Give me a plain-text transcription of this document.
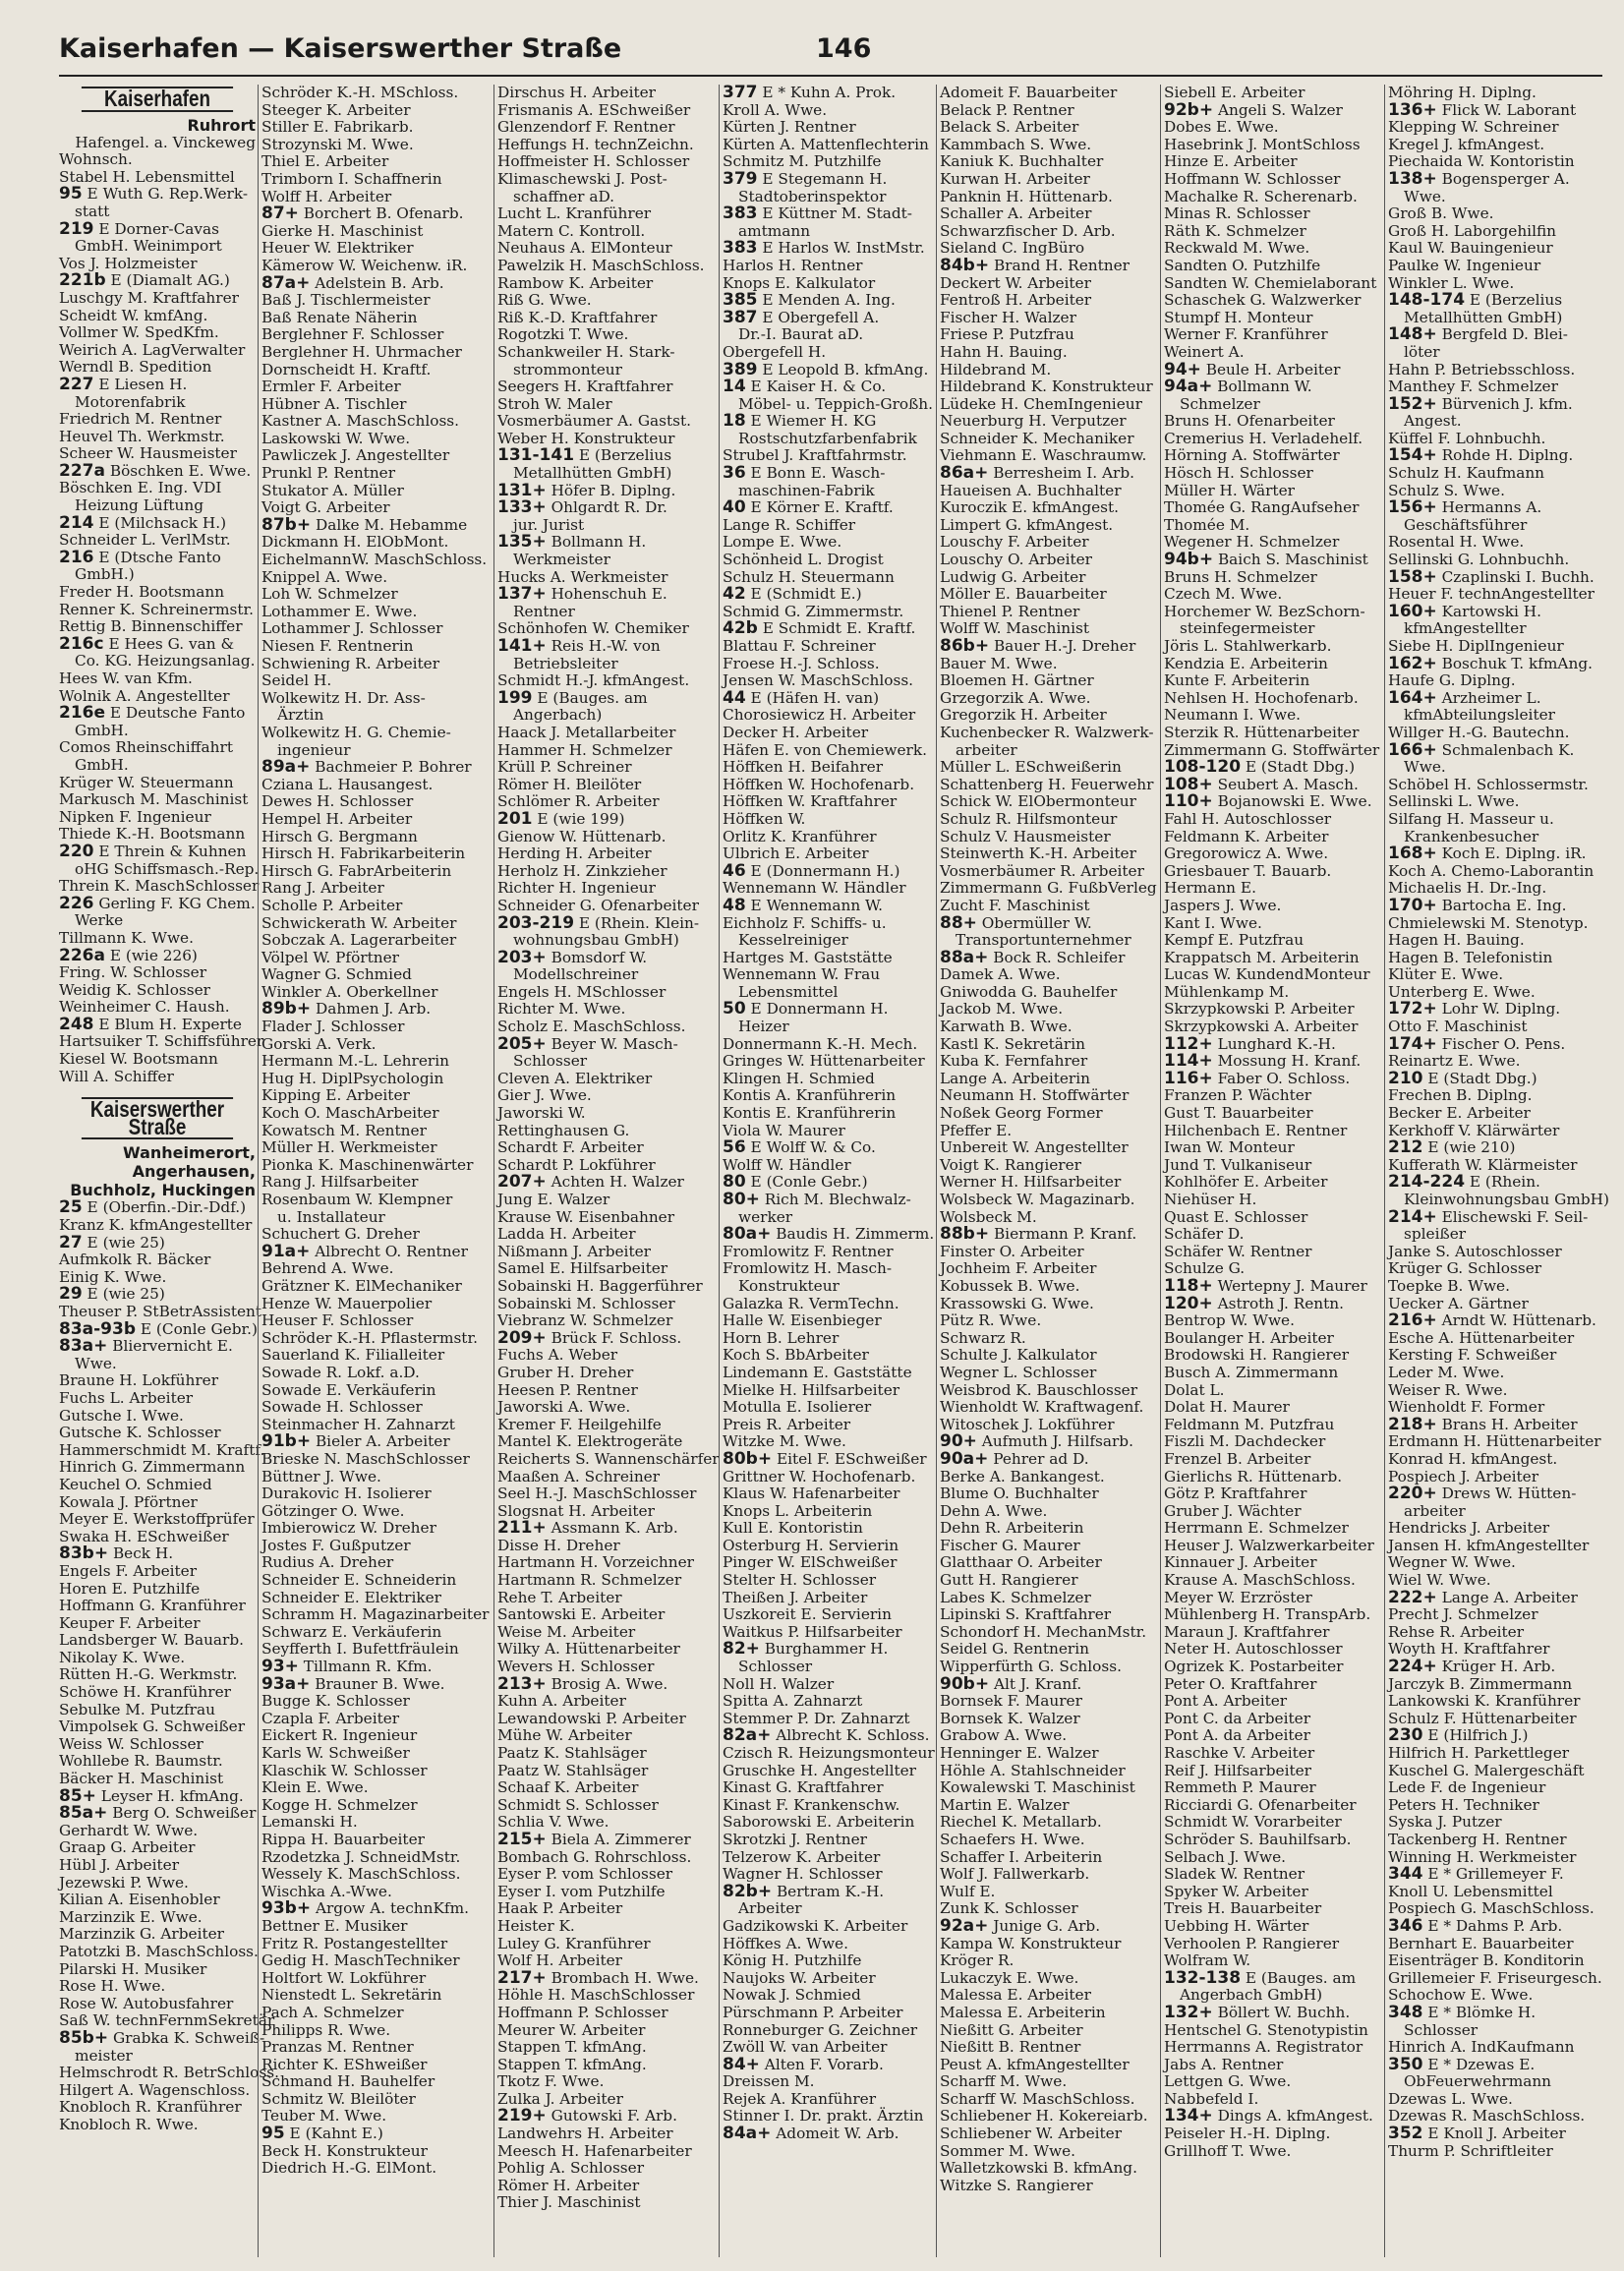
Kaiserhafen — Kaiserswerther Straße	146
Kaiserhafen
Ruhrort
Hafengel. a. Vinckeweg
Wohnsch.
Stabel H. Lebensmittel
95 E Wuth G. Rep.Werk-
statt
219 E Dorner-Cavas
GmbH. Weinimport
Vos J. Holzmeister
221b E (Diamalt AG.)
Luschgy M. Kraftfahrer
Scheidt W. kmfAng.
Vollmer W. SpedKfm.
Weirich A. LagVerwalter
Werndl B. Spedition
227 E Liesen H.
Motorenfabrik
Friedrich M. Rentner
Heuvel Th. Werkmstr.
Scheer W. Hausmeister
227a Böschken E. Wwe.
Böschken E. Ing. VDI
Heizung Lüftung
214 E (Milchsack H.)
Schneider L. VerlMstr.
216 E (Dtsche Fanto
GmbH.)
Freder H. Bootsmann
Renner K. Schreinermstr.
Rettig B. Binnenschiffer
216c E Hees G. van &
Co. KG. Heizungsanlag.
Hees W. van Kfm.
Wolnik A. Angestellter
216e E Deutsche Fanto
GmbH.
Comos Rheinschiffahrt
GmbH.
Krüger W. Steuermann
Markusch M. Maschinist
Nipken F. Ingenieur
Thiede K.-H. Bootsmann
220 E Threin & Kuhnen
oHG Schiffsmasch.-Rep.
Threin K. MaschSchlosser
226 Gerling F. KG Chem.
Werke
Tillmann K. Wwe.
226a E (wie 226)
Fring. W. Schlosser
Weidig K. Schlosser
Weinheimer C. Haush.
248 E Blum H. Experte
Hartsuiker T. Schiffsführer
Kiesel W. Bootsmann
Will A. Schiffer
Kaiserswerther Straße
Wanheimerort,
Angerhausen,
Buchholz, Huckingen
25 E (Oberfin.-Dir.-Ddf.)
Kranz K. kfmAngestellter
27 E (wie 25)
Aufmkolk R. Bäcker
Einig K. Wwe.
29 E (wie 25)
Theuser P. StBetrAssistent
83a-93b E (Conle Gebr.)
83a+ Bliervernicht E.
Wwe.
Braune H. Lokführer
Fuchs L. Arbeiter
Gutsche I. Wwe.
Gutsche K. Schlosser
Hammerschmidt M. Kraftf.
Hinrich G. Zimmermann
Keuchel O. Schmied
Kowala J. Pförtner
Meyer E. Werkstoffprüfer
Swaka H. ESchweißer
83b+ Beck H.
Engels F. Arbeiter
Horen E. Putzhilfe
Hoffmann G. Kranführer
Keuper F. Arbeiter
Landsberger W. Bauarb.
Nikolay K. Wwe.
Rütten H.-G. Werkmstr.
Schöwe H. Kranführer
Sebulke M. Putzfrau
Vimpolsek G. Schweißer
Weiss W. Schlosser
Wohllebe R. Baumstr.
Bäcker H. Maschinist
85+ Leyser H. kfmAng.
85a+ Berg O. Schweißer
Gerhardt W. Wwe.
Graap G. Arbeiter
Hübl J. Arbeiter
Jezewski P. Wwe.
Kilian A. Eisenhobler
Marzinzik E. Wwe.
Marzinzik G. Arbeiter
Patotzki B. MaschSchloss.
Pilarski H. Musiker
Rose H. Wwe.
Rose W. Autobusfahrer
Saß W. technFernmSekretär
85b+ Grabka K. Schweiß-
meister
Helmschrodt R. BetrSchloss.
Hilgert A. Wagenschloss.
Knobloch R. Kranführer
Knobloch R. Wwe.
Schröder K.-H. MSchloss.
Steeger K. Arbeiter
Stiller E. Fabrikarb.
Strozynski M. Wwe.
Thiel E. Arbeiter
Trimborn I. Schaffnerin
Wolff H. Arbeiter
87+ Borchert B. Ofenarb.
Gierke H. Maschinist
Heuer W. Elektriker
Kämerow W. Weichenw. iR.
87a+ Adelstein B. Arb.
Baß J. Tischlermeister
Baß Renate Näherin
Berglehner F. Schlosser
Berglehner H. Uhrmacher
Dornscheidt H. Kraftf.
Ermler F. Arbeiter
Hübner A. Tischler
Kastner A. MaschSchloss.
Laskowski W. Wwe.
Pawliczek J. Angestellter
Prunkl P. Rentner
Stukator A. Müller
Voigt G. Arbeiter
87b+ Dalke M. Hebamme
Dickmann H. ElObMont.
EichelmannW. MaschSchloss.
Knippel A. Wwe.
Loh W. Schmelzer
Lothammer E. Wwe.
Lothammer J. Schlosser
Niesen F. Rentnerin
Schwiening R. Arbeiter
Seidel H.
Wolkewitz H. Dr. Ass-
Ärztin
Wolkewitz H. G. Chemie-
ingenieur
89a+ Bachmeier P. Bohrer
Cziana L. Hausangest.
Dewes H. Schlosser
Hempel H. Arbeiter
Hirsch G. Bergmann
Hirsch H. Fabrikarbeiterin
Hirsch G. FabrArbeiterin
Rang J. Arbeiter
Scholle P. Arbeiter
Schwickerath W. Arbeiter
Sobczak A. Lagerarbeiter
Völpel W. Pförtner
Wagner G. Schmied
Winkler A. Oberkellner
89b+ Dahmen J. Arb.
Flader J. Schlosser
Gorski A. Verk.
Hermann M.-L. Lehrerin
Hug H. DiplPsychologin
Kipping E. Arbeiter
Koch O. MaschArbeiter
Kowatsch M. Rentner
Müller H. Werkmeister
Pionka K. Maschinenwärter
Rang J. Hilfsarbeiter
Rosenbaum W. Klempner
u. Installateur
Schuchert G. Dreher
91a+ Albrecht O. Rentner
Behrend A. Wwe.
Grätzner K. ElMechaniker
Henze W. Mauerpolier
Heuser F. Schlosser
Schröder K.-H. Pflastermstr.
Sauerland K. Filialleiter
Sowade R. Lokf. a.D.
Sowade E. Verkäuferin
Sowade H. Schlosser
Steinmacher H. Zahnarzt
91b+ Bieler A. Arbeiter
Brieske N. MaschSchlosser
Büttner J. Wwe.
Durakovic H. Isolierer
Götzinger O. Wwe.
Imbierowicz W. Dreher
Jostes F. Gußputzer
Rudius A. Dreher
Schneider E. Schneiderin
Schneider E. Elektriker
Schramm H. Magazinarbeiter
Schwarz E. Verkäuferin
Seyfferth I. Bufettfräulein
93+ Tillmann R. Kfm.
93a+ Brauner B. Wwe.
Bugge K. Schlosser
Czapla F. Arbeiter
Eickert R. Ingenieur
Karls W. Schweißer
Klaschik W. Schlosser
Klein E. Wwe.
Kogge H. Schmelzer
Lemanski H.
Rippa H. Bauarbeiter
Rzodetzka J. SchneidMstr.
Wessely K. MaschSchloss.
Wischka A.-Wwe.
93b+ Argow A. technKfm.
Bettner E. Musiker
Fritz R. Postangestellter
Gedig H. MaschTechniker
Holtfort W. Lokführer
Nienstedt L. Sekretärin
Pach A. Schmelzer
Philipps R. Wwe.
Pranzas M. Rentner
Richter K. EShweißer
Schmand H. Bauhelfer
Schmitz W. Bleilöter
Teuber M. Wwe.
95 E (Kahnt E.)
Beck H. Konstrukteur
Diedrich H.-G. ElMont.
Dirschus H. Arbeiter
Frismanis A. ESchweißer
Glenzendorf F. Rentner
Heffungs H. technZeichn.
Hoffmeister H. Schlosser
Klimaschewski J. Post-
schaffner aD.
Lucht L. Kranführer
Matern C. Kontroll.
Neuhaus A. ElMonteur
Pawelzik H. MaschSchloss.
Rambow K. Arbeiter
Riß G. Wwe.
Riß K.-D. Kraftfahrer
Rogotzki T. Wwe.
Schankweiler H. Stark-
strommonteur
Seegers H. Kraftfahrer
Stroh W. Maler
Vosmerbäumer A. Gastst.
Weber H. Konstrukteur
131-141 E (Berzelius
Metallhütten GmbH)
131+ Höfer B. Diplng.
133+ Ohlgardt R. Dr.
jur. Jurist
135+ Bollmann H.
Werkmeister
Hucks A. Werkmeister
137+ Hohenschuh E.
Rentner
Schönhofen W. Chemiker
141+ Reis H.-W. von
Betriebsleiter
Schmidt H.-J. kfmAngest.
199 E (Bauges. am
Angerbach)
Haack J. Metallarbeiter
Hammer H. Schmelzer
Krüll P. Schreiner
Römer H. Bleilöter
Schlömer R. Arbeiter
201 E (wie 199)
Gienow W. Hüttenarb.
Herding H. Arbeiter
Herholz H. Zinkzieher
Richter H. Ingenieur
Schneider G. Ofenarbeiter
203-219 E (Rhein. Klein-
wohnungsbau GmbH)
203+ Bomsdorf W.
Modellschreiner
Engels H. MSchlosser
Richter M. Wwe.
Scholz E. MaschSchloss.
205+ Beyer W. Masch-
Schlosser
Cleven A. Elektriker
Gier J. Wwe.
Jaworski W.
Rettinghausen G.
Schardt F. Arbeiter
Schardt P. Lokführer
207+ Achten H. Walzer
Jung E. Walzer
Krause W. Eisenbahner
Ladda H. Arbeiter
Nißmann J. Arbeiter
Samel E. Hilfsarbeiter
Sobainski H. Baggerführer
Sobainski M. Schlosser
Viebranz W. Schmelzer
209+ Brück F. Schloss.
Fuchs A. Weber
Gruber H. Dreher
Heesen P. Rentner
Jaworski A. Wwe.
Kremer F. Heilgehilfe
Mantel K. Elektrogeräte
Reicherts S. Wannenschärfer
Maaßen A. Schreiner
Seel H.-J. MaschSchlosser
Slogsnat H. Arbeiter
211+ Assmann K. Arb.
Disse H. Dreher
Hartmann H. Vorzeichner
Hartmann R. Schmelzer
Rehe T. Arbeiter
Santowski E. Arbeiter
Weise M. Arbeiter
Wilky A. Hüttenarbeiter
Wevers H. Schlosser
213+ Brosig A. Wwe.
Kuhn A. Arbeiter
Lewandowski P. Arbeiter
Mühe W. Arbeiter
Paatz K. Stahlsäger
Paatz W. Stahlsäger
Schaaf K. Arbeiter
Schmidt S. Schlosser
Schlia V. Wwe.
215+ Biela A. Zimmerer
Bombach G. Rohrschloss.
Eyser P. vom Schlosser
Eyser I. vom Putzhilfe
Haak P. Arbeiter
Heister K.
Luley G. Kranführer
Wolf H. Arbeiter
217+ Brombach H. Wwe.
Höhle H. MaschSchlosser
Hoffmann P. Schlosser
Meurer W. Arbeiter
Stappen T. kfmAng.
Stappen T. kfmAng.
Tkotz F. Wwe.
Zulka J. Arbeiter
219+ Gutowski F. Arb.
Landwehrs H. Arbeiter
Meesch H. Hafenarbeiter
Pohlig A. Schlosser
Römer H. Arbeiter
Thier J. Maschinist
377 E * Kuhn A. Prok.
Kroll A. Wwe.
Kürten J. Rentner
Kürten A. Mattenflechterin
Schmitz M. Putzhilfe
379 E Stegemann H.
Stadtoberinspektor
383 E Küttner M. Stadt-
amtmann
383 E Harlos W. InstMstr.
Harlos H. Rentner
Knops E. Kalkulator
385 E Menden A. Ing.
387 E Obergefell A.
Dr.-I. Baurat aD.
Obergefell H.
389 E Leopold B. kfmAng.
14 E Kaiser H. & Co.
Möbel- u. Teppich-Großh.
18 E Wiemer H. KG
Rostschutzfarbenfabrik
Strubel J. Kraftfahrmstr.
36 E Bonn E. Wasch-
maschinen-Fabrik
40 E Körner E. Kraftf.
Lange R. Schiffer
Lompe E. Wwe.
Schönheid L. Drogist
Schulz H. Steuermann
42 E (Schmidt E.)
Schmid G. Zimmermstr.
42b E Schmidt E. Kraftf.
Blattau F. Schreiner
Froese H.-J. Schloss.
Jensen W. MaschSchloss.
44 E (Häfen H. van)
Chorosiewicz H. Arbeiter
Decker H. Arbeiter
Häfen E. von Chemiewerk.
Höffken H. Beifahrer
Höffken W. Hochofenarb.
Höffken W. Kraftfahrer
Höffken W.
Orlitz K. Kranführer
Ulbrich E. Arbeiter
46 E (Donnermann H.)
Wennemann W. Händler
48 E Wennemann W.
Eichholz F. Schiffs- u.
Kesselreiniger
Hartges M. Gaststätte
Wennemann W. Frau
Lebensmittel
50 E Donnermann H.
Heizer
Donnermann K.-H. Mech.
Gringes W. Hüttenarbeiter
Klingen H. Schmied
Kontis A. Kranführerin
Kontis E. Kranführerin
Viola W. Maurer
56 E Wolff W. & Co.
Wolff W. Händler
80 E (Conle Gebr.)
80+ Rich M. Blechwalz-
werker
80a+ Baudis H. Zimmerm.
Fromlowitz F. Rentner
Fromlowitz H. Masch-
Konstrukteur
Galazka R. VermTechn.
Halle W. Eisenbieger
Horn B. Lehrer
Koch S. BbArbeiter
Lindemann E. Gaststätte
Mielke H. Hilfsarbeiter
Motulla E. Isolierer
Preis R. Arbeiter
Witzke M. Wwe.
80b+ Eitel F. ESchweißer
Grittner W. Hochofenarb.
Klaus W. Hafenarbeiter
Knops L. Arbeiterin
Kull E. Kontoristin
Osterburg H. Servierin
Pinger W. ElSchweißer
Stelter H. Schlosser
Theißen J. Arbeiter
Uszkoreit E. Servierin
Waitkus P. Hilfsarbeiter
82+ Burghammer H.
Schlosser
Noll H. Walzer
Spitta A. Zahnarzt
Stemmer P. Dr. Zahnarzt
82a+ Albrecht K. Schloss.
Czisch R. Heizungsmonteur
Gruschke H. Angestellter
Kinast G. Kraftfahrer
Kinast F. Krankenschw.
Saborowski E. Arbeiterin
Skrotzki J. Rentner
Telzerow K. Arbeiter
Wagner H. Schlosser
82b+ Bertram K.-H.
Arbeiter
Gadzikowski K. Arbeiter
Höffkes A. Wwe.
König H. Putzhilfe
Naujoks W. Arbeiter
Nowak J. Schmied
Pürschmann P. Arbeiter
Ronneburger G. Zeichner
Zwöll W. van Arbeiter
84+ Alten F. Vorarb.
Dreissen M.
Rejek A. Kranführer
Stinner I. Dr. prakt. Ärztin
84a+ Adomeit W. Arb.
Adomeit F. Bauarbeiter
Belack P. Rentner
Belack S. Arbeiter
Kammbach S. Wwe.
Kaniuk K. Buchhalter
Kurwan H. Arbeiter
Panknin H. Hüttenarb.
Schaller A. Arbeiter
Schwarzfischer D. Arb.
Sieland C. IngBüro
84b+ Brand H. Rentner
Deckert W. Arbeiter
Fentroß H. Arbeiter
Fischer H. Walzer
Friese P. Putzfrau
Hahn H. Bauing.
Hildebrand M.
Hildebrand K. Konstrukteur
Lüdeke H. ChemIngenieur
Neuerburg H. Verputzer
Schneider K. Mechaniker
Viehmann E. Waschraumw.
86a+ Berresheim I. Arb.
Haueisen A. Buchhalter
Kuroczik E. kfmAngest.
Limpert G. kfmAngest.
Louschy F. Arbeiter
Louschy O. Arbeiter
Ludwig G. Arbeiter
Möller E. Bauarbeiter
Thienel P. Rentner
Wolff W. Maschinist
86b+ Bauer H.-J. Dreher
Bauer M. Wwe.
Bloemen H. Gärtner
Grzegorzik A. Wwe.
Gregorzik H. Arbeiter
Kuchenbecker R. Walzwerk-
arbeiter
Müller L. ESchweißerin
Schattenberg H. Feuerwehr
Schick W. ElObermonteur
Schulz R. Hilfsmonteur
Schulz V. Hausmeister
Steinwerth K.-H. Arbeiter
Vosmerbäumer R. Arbeiter
Zimmermann G. FußbVerleg
Zucht F. Maschinist
88+ Obermüller W.
Transportunternehmer
88a+ Bock R. Schleifer
Damek A. Wwe.
Gniwodda G. Bauhelfer
Jackob M. Wwe.
Karwath B. Wwe.
Kastl K. Sekretärin
Kuba K. Fernfahrer
Lange A. Arbeiterin
Neumann H. Stoffwärter
Noßek Georg Former
Pfeffer E.
Unbereit W. Angestellter
Voigt K. Rangierer
Werner H. Hilfsarbeiter
Wolsbeck W. Magazinarb.
Wolsbeck M.
88b+ Biermann P. Kranf.
Finster O. Arbeiter
Jochheim F. Arbeiter
Kobussek B. Wwe.
Krassowski G. Wwe.
Pütz R. Wwe.
Schwarz R.
Schulte J. Kalkulator
Wegner L. Schlosser
Weisbrod K. Bauschlosser
Wienholdt W. Kraftwagenf.
Witoschek J. Lokführer
90+ Aufmuth J. Hilfsarb.
90a+ Pehrer ad D.
Berke A. Bankangest.
Blume O. Buchhalter
Dehn A. Wwe.
Dehn R. Arbeiterin
Fischer G. Maurer
Glatthaar O. Arbeiter
Gutt H. Rangierer
Labes K. Schmelzer
Lipinski S. Kraftfahrer
Schondorf H. MechanMstr.
Seidel G. Rentnerin
Wipperfürth G. Schloss.
90b+ Alt J. Kranf.
Bornsek F. Maurer
Bornsek K. Walzer
Grabow A. Wwe.
Henninger E. Walzer
Höhle A. Stahlschneider
Kowalewski T. Maschinist
Martin E. Walzer
Riechel K. Metallarb.
Schaefers H. Wwe.
Schaffer I. Arbeiterin
Wolf J. Fallwerkarb.
Wulf E.
Zunk K. Schlosser
92a+ Junige G. Arb.
Kampa W. Konstrukteur
Kröger R.
Lukaczyk E. Wwe.
Malessa E. Arbeiter
Malessa E. Arbeiterin
Nießitt G. Arbeiter
Nießitt B. Rentner
Peust A. kfmAngestellter
Scharff M. Wwe.
Scharff W. MaschSchloss.
Schliebener H. Kokereiarb.
Schliebener W. Arbeiter
Sommer M. Wwe.
Walletzkowski B. kfmAng.
Witzke S. Rangierer
Siebell E. Arbeiter
92b+ Angeli S. Walzer
Dobes E. Wwe.
Hasebrink J. MontSchloss
Hinze E. Arbeiter
Hoffmann W. Schlosser
Machalke R. Scherenarb.
Minas R. Schlosser
Räth K. Schmelzer
Reckwald M. Wwe.
Sandten O. Putzhilfe
Sandten W. Chemielaborant
Schaschek G. Walzwerker
Stumpf H. Monteur
Werner F. Kranführer
Weinert A.
94+ Beule H. Arbeiter
94a+ Bollmann W.
Schmelzer
Bruns H. Ofenarbeiter
Cremerius H. Verladehelf.
Hörning A. Stoffwärter
Hösch H. Schlosser
Müller H. Wärter
Thomée G. RangAufseher
Thomée M.
Wegener H. Schmelzer
94b+ Baich S. Maschinist
Bruns H. Schmelzer
Czech M. Wwe.
Horchemer W. BezSchorn-
steinfegermeister
Jöris L. Stahlwerkarb.
Kendzia E. Arbeiterin
Kunte F. Arbeiterin
Nehlsen H. Hochofenarb.
Neumann I. Wwe.
Sterzik R. Hüttenarbeiter
Zimmermann G. Stoffwärter
108-120 E (Stadt Dbg.)
108+ Seubert A. Masch.
110+ Bojanowski E. Wwe.
Fahl H. Autoschlosser
Feldmann K. Arbeiter
Gregorowicz A. Wwe.
Griesbauer T. Bauarb.
Hermann E.
Jaspers J. Wwe.
Kant I. Wwe.
Kempf E. Putzfrau
Krappatsch M. Arbeiterin
Lucas W. KundendMonteur
Mühlenkamp M.
Skrzypkowski P. Arbeiter
Skrzypkowski A. Arbeiter
112+ Lunghard K.-H.
114+ Mossung H. Kranf.
116+ Faber O. Schloss.
Franzen P. Wächter
Gust T. Bauarbeiter
Hilchenbach E. Rentner
Iwan W. Monteur
Jund T. Vulkaniseur
Kohlhöfer E. Arbeiter
Niehüser H.
Quast E. Schlosser
Schäfer D.
Schäfer W. Rentner
Schulze G.
118+ Wertepny J. Maurer
120+ Astroth J. Rentn.
Bentrop W. Wwe.
Boulanger H. Arbeiter
Brodowski H. Rangierer
Busch A. Zimmermann
Dolat L.
Dolat H. Maurer
Feldmann M. Putzfrau
Fiszli M. Dachdecker
Frenzel B. Arbeiter
Gierlichs R. Hüttenarb.
Götz P. Kraftfahrer
Gruber J. Wächter
Herrmann E. Schmelzer
Heuser J. Walzwerkarbeiter
Kinnauer J. Arbeiter
Krause A. MaschSchloss.
Meyer W. Erzröster
Mühlenberg H. TranspArb.
Maraun J. Kraftfahrer
Neter H. Autoschlosser
Ogrizek K. Postarbeiter
Peter O. Kraftfahrer
Pont A. Arbeiter
Pont C. da Arbeiter
Pont A. da Arbeiter
Raschke V. Arbeiter
Reif J. Hilfsarbeiter
Remmeth P. Maurer
Ricciardi G. Ofenarbeiter
Schmidt W. Vorarbeiter
Schröder S. Bauhilfsarb.
Selbach J. Wwe.
Sladek W. Rentner
Spyker W. Arbeiter
Treis H. Bauarbeiter
Uebbing H. Wärter
Verhoolen P. Rangierer
Wolfram W.
132-138 E (Bauges. am
Angerbach GmbH)
132+ Böllert W. Buchh.
Hentschel G. Stenotypistin
Herrmanns A. Registrator
Jabs A. Rentner
Lettgen G. Wwe.
Nabbefeld I.
134+ Dings A. kfmAngest.
Peiseler H.-H. Diplng.
Grillhoff T. Wwe.
Möhring H. Diplng.
136+ Flick W. Laborant
Klepping W. Schreiner
Kregel J. kfmAngest.
Piechaida W. Kontoristin
138+ Bogensperger A.
Wwe.
Groß B. Wwe.
Groß H. Laborgehilfin
Kaul W. Bauingenieur
Paulke W. Ingenieur
Winkler L. Wwe.
148-174 E (Berzelius
Metallhütten GmbH)
148+ Bergfeld D. Blei-
löter
Hahn P. Betriebsschloss.
Manthey F. Schmelzer
152+ Bürvenich J. kfm.
Angest.
Küffel F. Lohnbuchh.
154+ Rohde H. Diplng.
Schulz H. Kaufmann
Schulz S. Wwe.
156+ Hermanns A.
Geschäftsführer
Rosental H. Wwe.
Sellinski G. Lohnbuchh.
158+ Czaplinski I. Buchh.
Heuer F. technAngestellter
160+ Kartowski H.
kfmAngestellter
Siebe H. DiplIngenieur
162+ Boschuk T. kfmAng.
Haufe G. Diplng.
164+ Arzheimer L.
kfmAbteilungsleiter
Willger H.-G. Bautechn.
166+ Schmalenbach K.
Wwe.
Schöbel H. Schlossermstr.
Sellinski L. Wwe.
Silfang H. Masseur u.
Krankenbesucher
168+ Koch E. Diplng. iR.
Koch A. Chemo-Laborantin
Michaelis H. Dr.-Ing.
170+ Bartocha E. Ing.
Chmielewski M. Stenotyp.
Hagen H. Bauing.
Hagen B. Telefonistin
Klüter E. Wwe.
Unterberg E. Wwe.
172+ Lohr W. Diplng.
Otto F. Maschinist
174+ Fischer O. Pens.
Reinartz E. Wwe.
210 E (Stadt Dbg.)
Frechen B. Diplng.
Becker E. Arbeiter
Kerkhoff V. Klärwärter
212 E (wie 210)
Kufferath W. Klärmeister
214-224 E (Rhein.
Kleinwohnungsbau GmbH)
214+ Elischewski F. Seil-
spleißer
Janke S. Autoschlosser
Krüger G. Schlosser
Toepke B. Wwe.
Uecker A. Gärtner
216+ Arndt W. Hüttenarb.
Esche A. Hüttenarbeiter
Kersting F. Schweißer
Leder M. Wwe.
Weiser R. Wwe.
Wienholdt F. Former
218+ Brans H. Arbeiter
Erdmann H. Hüttenarbeiter
Konrad H. kfmAngest.
Pospiech J. Arbeiter
220+ Drews W. Hütten-
arbeiter
Hendricks J. Arbeiter
Jansen H. kfmAngestellter
Wegner W. Wwe.
Wiel W. Wwe.
222+ Lange A. Arbeiter
Precht J. Schmelzer
Rehse R. Arbeiter
Woyth H. Kraftfahrer
224+ Krüger H. Arb.
Jarczyk B. Zimmermann
Lankowski K. Kranführer
Schulz F. Hüttenarbeiter
230 E (Hilfrich J.)
Hilfrich H. Parkettleger
Kuschel G. Malergeschäft
Lede F. de Ingenieur
Peters H. Techniker
Syska J. Putzer
Tackenberg H. Rentner
Winning H. Werkmeister
344 E * Grillemeyer F.
Knoll U. Lebensmittel
Pospiech G. MaschSchloss.
346 E * Dahms P. Arb.
Bernhart E. Bauarbeiter
Eisenträger B. Konditorin
Grillemeier F. Friseurgesch.
Schochow E. Wwe.
348 E * Blömke H.
Schlosser
Hinrich A. IndKaufmann
350 E * Dzewas E.
ObFeuerwehrmann
Dzewas L. Wwe.
Dzewas R. MaschSchloss.
352 E Knoll J. Arbeiter
Thurm P. Schriftleiter
